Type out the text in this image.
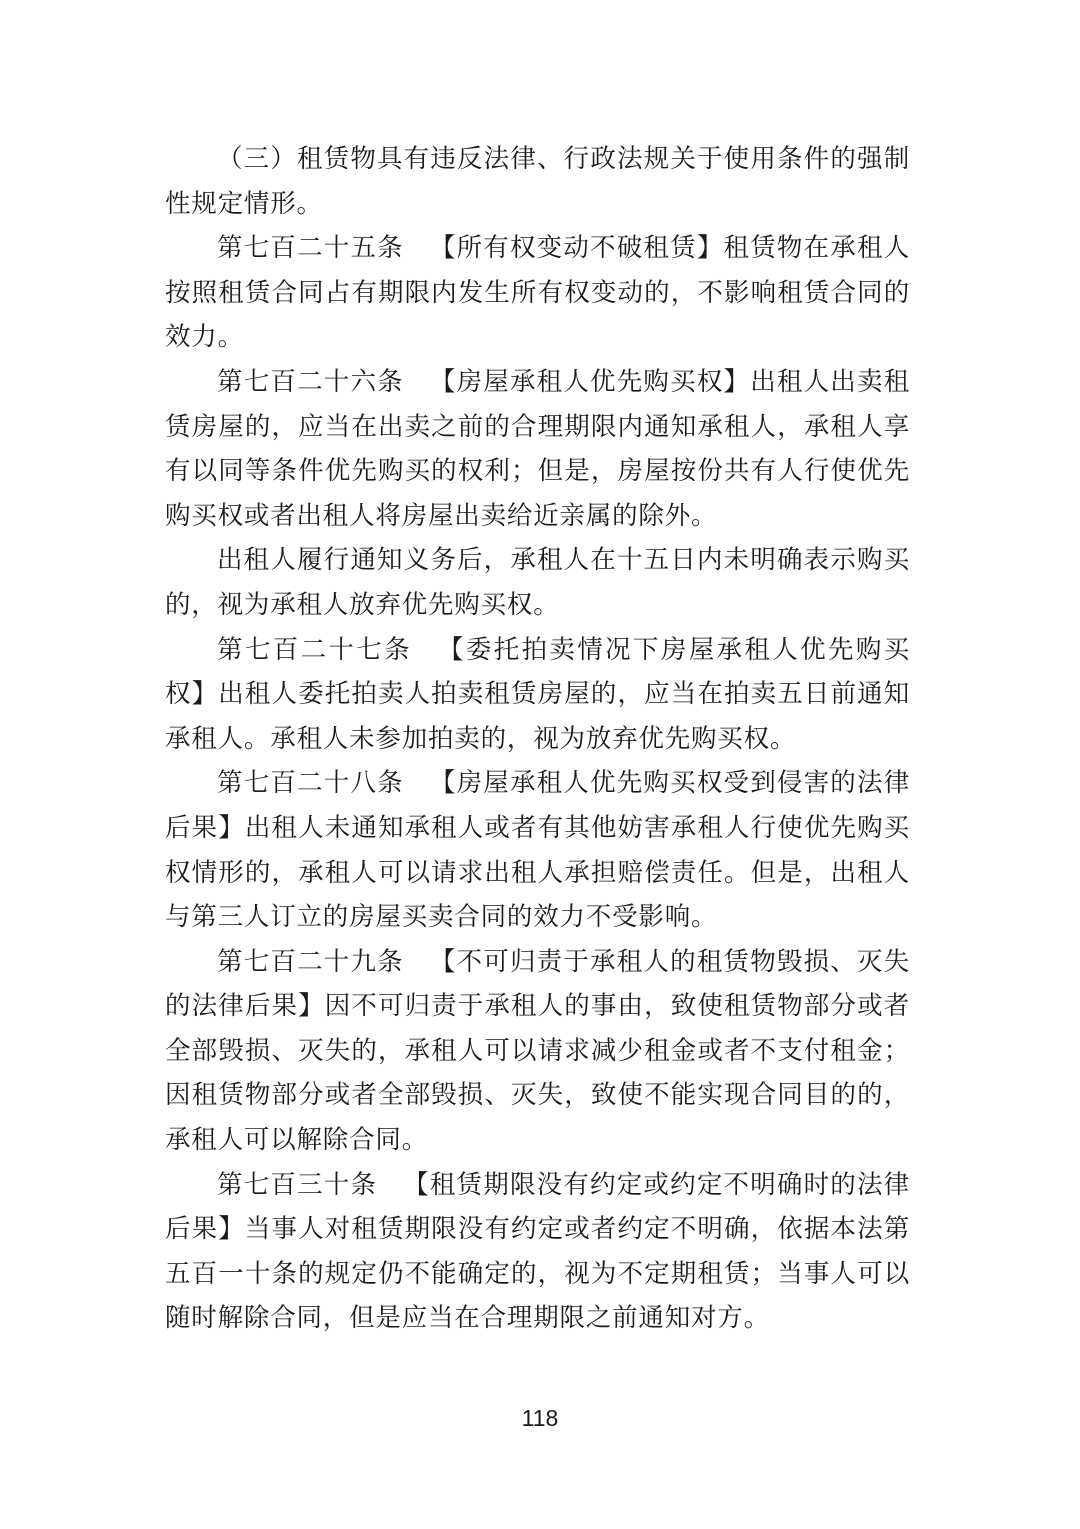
（三）租赁物具有违反法律、行政法规关于使用条件的强制性规定情形。

第七百二十五条 【所有权变动不破租赁】租赁物在承租人按照租赁合同占有期限内发生所有权变动的，不影响租赁合同的效力。

第七百二十六条 【房屋承租人优先购买权】出租人出卖租赁房屋的，应当在出卖之前的合理期限内通知承租人，承租人享有以同等条件优先购买的权利；但是，房屋按份共有人行使优先购买权或者出租人将房屋出卖给近亲属的除外。

出租人履行通知义务后，承租人在十五日内未明确表示购买的，视为承租人放弃优先购买权。

第七百二十七条 【委托拍卖情况下房屋承租人优先购买权】出租人委托拍卖人拍卖租赁房屋的，应当在拍卖五日前通知承租人。承租人未参加拍卖的，视为放弃优先购买权。

第七百二十八条 【房屋承租人优先购买权受到侵害的法律后果】出租人未通知承租人或者有其他妨害承租人行使优先购买权情形的，承租人可以请求出租人承担赔偿责任。但是，出租人与第三人订立的房屋买卖合同的效力不受影响。

第七百二十九条 【不可归责于承租人的租赁物毁损、灭失的法律后果】因不可归责于承租人的事由，致使租赁物部分或者全部毁损、灭失的，承租人可以请求减少租金或者不支付租金；因租赁物部分或者全部毁损、灭失，致使不能实现合同目的的，承租人可以解除合同。

第七百三十条 【租赁期限没有约定或约定不明确时的法律后果】当事人对租赁期限没有约定或者约定不明确，依据本法第五百一十条的规定仍不能确定的，视为不定期租赁；当事人可以随时解除合同，但是应当在合理期限之前通知对方。

118
